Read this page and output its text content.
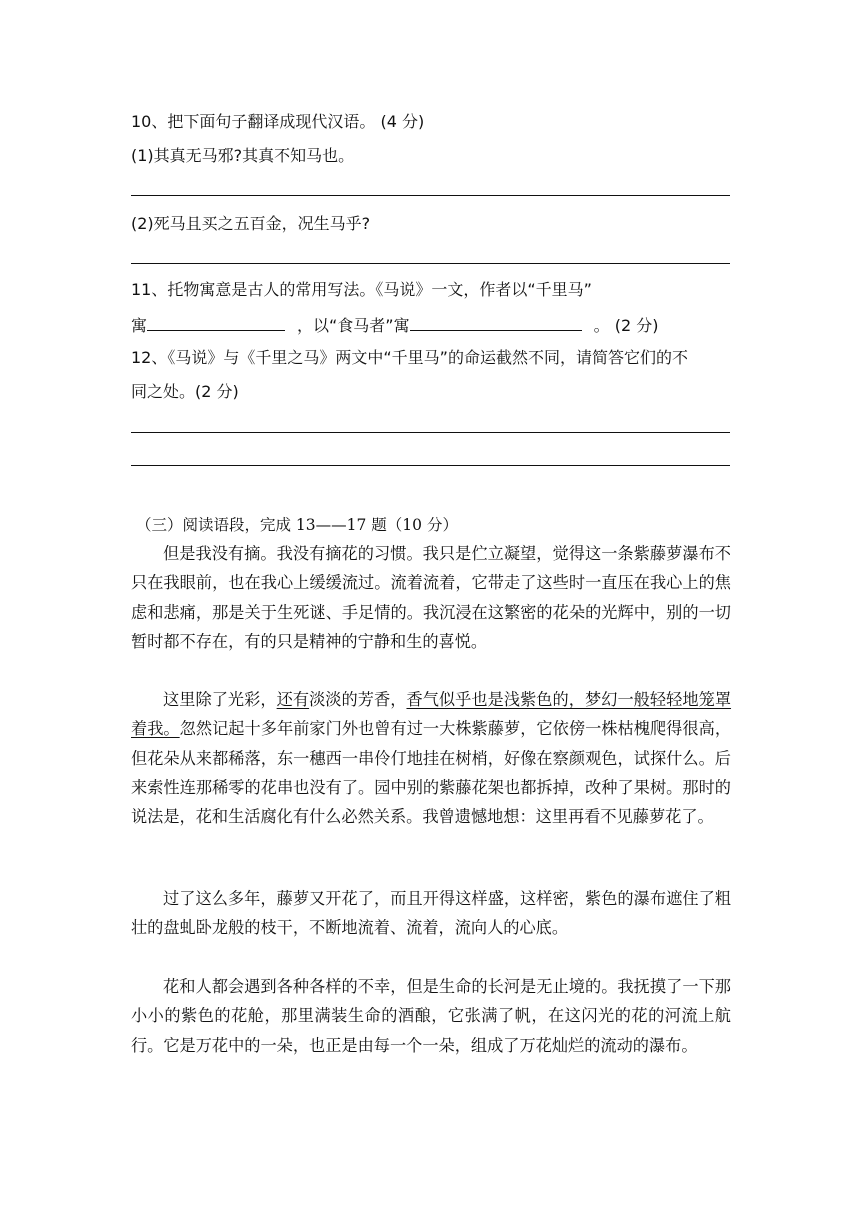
10、把下面句子翻译成现代汉语。 (4 分)
(1)其真无马邪?其真不知马也。
(2)死马且买之五百金，况生马乎?
11、托物寓意是古人的常用写法。《马说》一文，作者以“千里马”
寓	，以“食马者”寓	。 (2 分)
12、《马说》与《千里之马》两文中“千里马”的命运截然不同，请简答它们的不
同之处。(2 分)
（三）阅读语段，完成 13——17 题（10 分）

但是我没有摘。我没有摘花的习惯。我只是伫立凝望，觉得这一条紫藤萝瀑布不只在我眼前，也在我心上缓缓流过。流着流着，它带走了这些时一直压在我心上的焦虑和悲痛，那是关于生死谜、手足情的。我沉浸在这繁密的花朵的光辉中，别的一切暂时都不存在，有的只是精神的宁静和生的喜悦。

这里除了光彩，还有淡淡的芳香，香气似乎也是浅紫色的，梦幻一般轻轻地笼罩着我。忽然记起十多年前家门外也曾有过一大株紫藤萝，它依傍一株枯槐爬得很高，但花朵从来都稀落，东一穗西一串伶仃地挂在树梢，好像在察颜观色，试探什么。后来索性连那稀零的花串也没有了。园中别的紫藤花架也都拆掉，改种了果树。那时的说法是，花和生活腐化有什么必然关系。我曾遗憾地想：这里再看不见藤萝花了。

过了这么多年，藤萝又开花了，而且开得这样盛，这样密，紫色的瀑布遮住了粗壮的盘虬卧龙般的枝干，不断地流着、流着，流向人的心底。

花和人都会遇到各种各样的不幸，但是生命的长河是无止境的。我抚摸了一下那小小的紫色的花舱，那里满装生命的酒酿，它张满了帆，在这闪光的花的河流上航行。它是万花中的一朵，也正是由每一个一朵，组成了万花灿烂的流动的瀑布。
